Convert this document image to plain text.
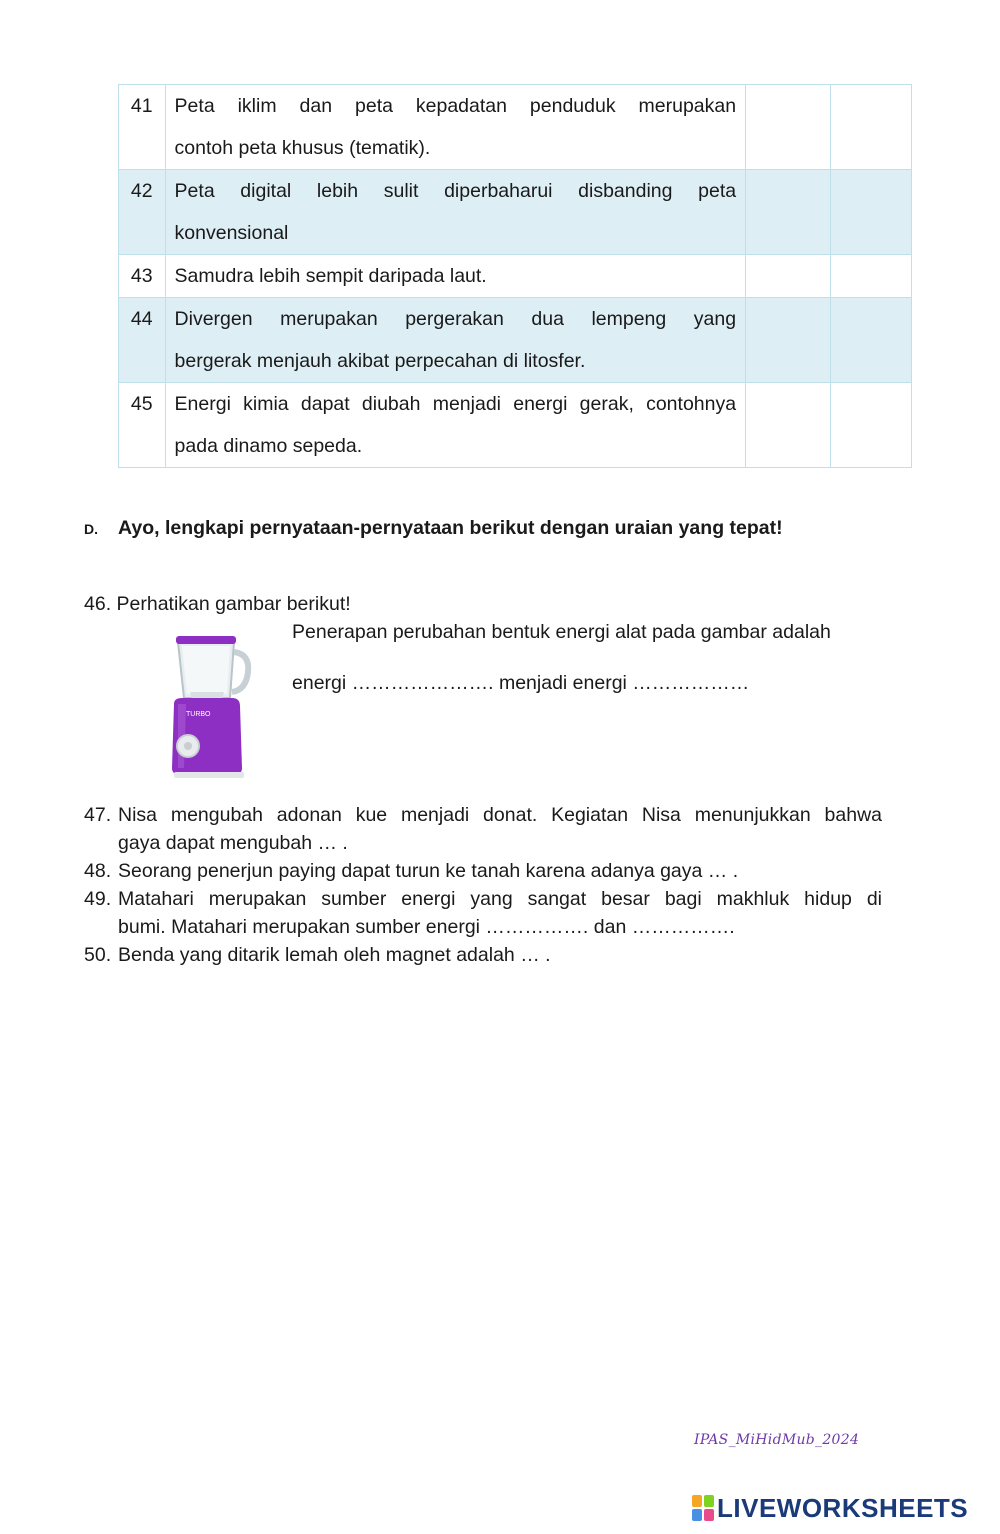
41	Peta iklim dan peta kepadatan penduduk merupakan
contoh peta khusus (tematik).		

42	Peta digital lebih sulit diperbaharui disbanding peta
konvensional		

43	Samudra lebih sempit daripada laut.		

44	Divergen merupakan pergerakan dua lempeng yang
bergerak menjauh akibat perpecahan di litosfer.		

45	Energi kimia dapat diubah menjadi energi gerak, contohnya
pada dinamo sepeda.		

D. Ayo, lengkapi pernyataan-pernyataan berikut dengan uraian yang tepat!
46. Perhatikan gambar berikut!
TURBO
Penerapan perubahan bentuk energi alat pada gambar adalah
energi …………………. menjadi energi ………………
47. Nisa mengubah adonan kue menjadi donat. Kegiatan Nisa menunjukkan bahwa
gaya dapat mengubah … .
48. Seorang penerjun paying dapat turun ke tanah karena adanya gaya … .
49. Matahari merupakan sumber energi yang sangat besar bagi makhluk hidup di
bumi. Matahari merupakan sumber energi ……………. dan …………….
50. Benda yang ditarik lemah oleh magnet adalah … .
IPAS_MiHidMub_2024
LIVEWORKSHEETS
